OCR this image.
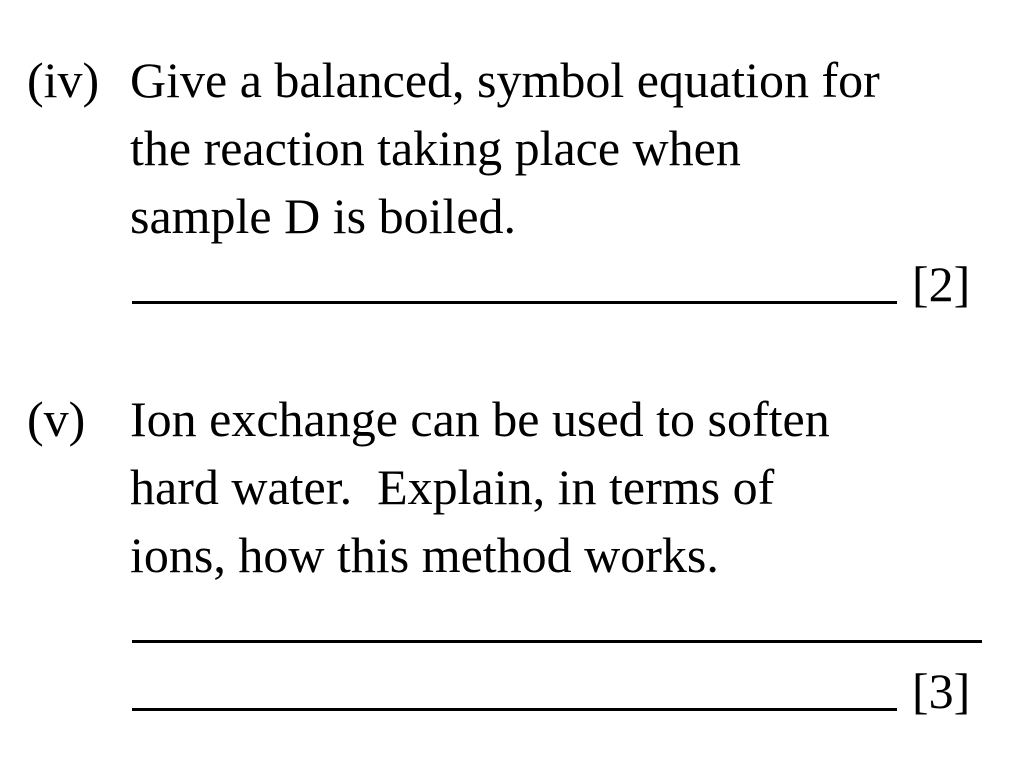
(iv) Give a balanced, symbol equation for
the reaction taking place when
sample D is boiled.
[2]
(v) Ion exchange can be used to soften
hard water.  Explain, in terms of
ions, how this method works.
[3]
